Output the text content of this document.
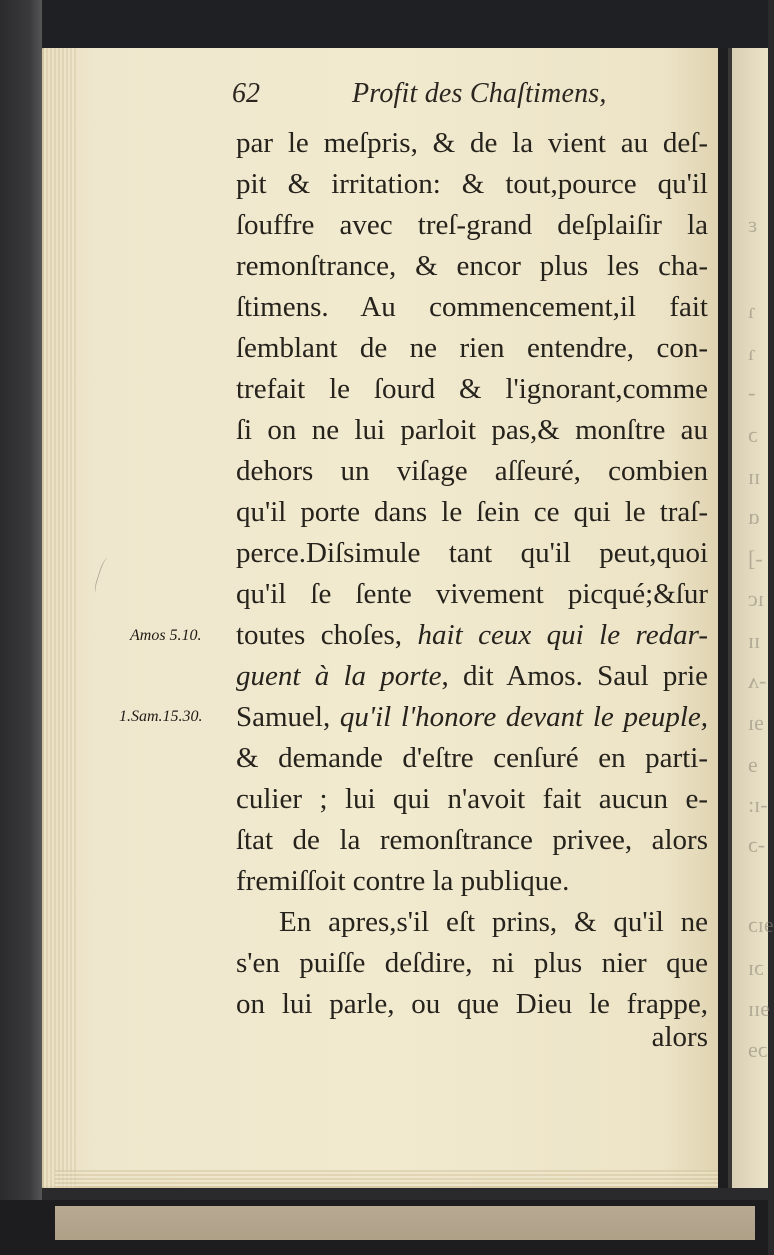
ε
ɿ
ɿ
-
ɔ
ɪɪ
ɑ
-]
ıc
ɪɪ
-ʌ
ɘı
ɘ
-ɪ:
-ɔ
ɘɪɔ
ɔɪ
ɘɪɪ
ɔɘ
62	Profit des Chaſtimens,
par le meſpris, & de la vient au deſ-
pit & irritation: & tout,pource qu'il
ſouffre avec treſ-grand deſplaiſir la
remonſtrance, & encor plus les cha-
ſtimens. Au commencement,il fait
ſemblant de ne rien entendre, con-
trefait le ſourd & l'ignorant,comme
ſi on ne lui parloit pas,& monſtre au
dehors un viſage aſſeuré, combien
qu'il porte dans le ſein ce qui le traſ-
perce.Diſsimule tant qu'il peut,quoi
qu'il ſe ſente vivement picqué;&ſur
toutes choſes, hait ceux qui le redar-
guent à la porte, dit Amos. Saul prie
Samuel, qu'il l'honore devant le peuple,
& demande d'eſtre cenſuré en parti-
culier ; lui qui n'avoit fait aucun e-
ſtat de la remonſtrance privee, alors
fremiſſoit contre la publique.
En apres,s'il eſt prins, & qu'il ne
s'en puiſſe deſdire, ni plus nier que
on lui parle, ou que Dieu le frappe,
alors
Amos 5.10.
1.Sam.15.30.
